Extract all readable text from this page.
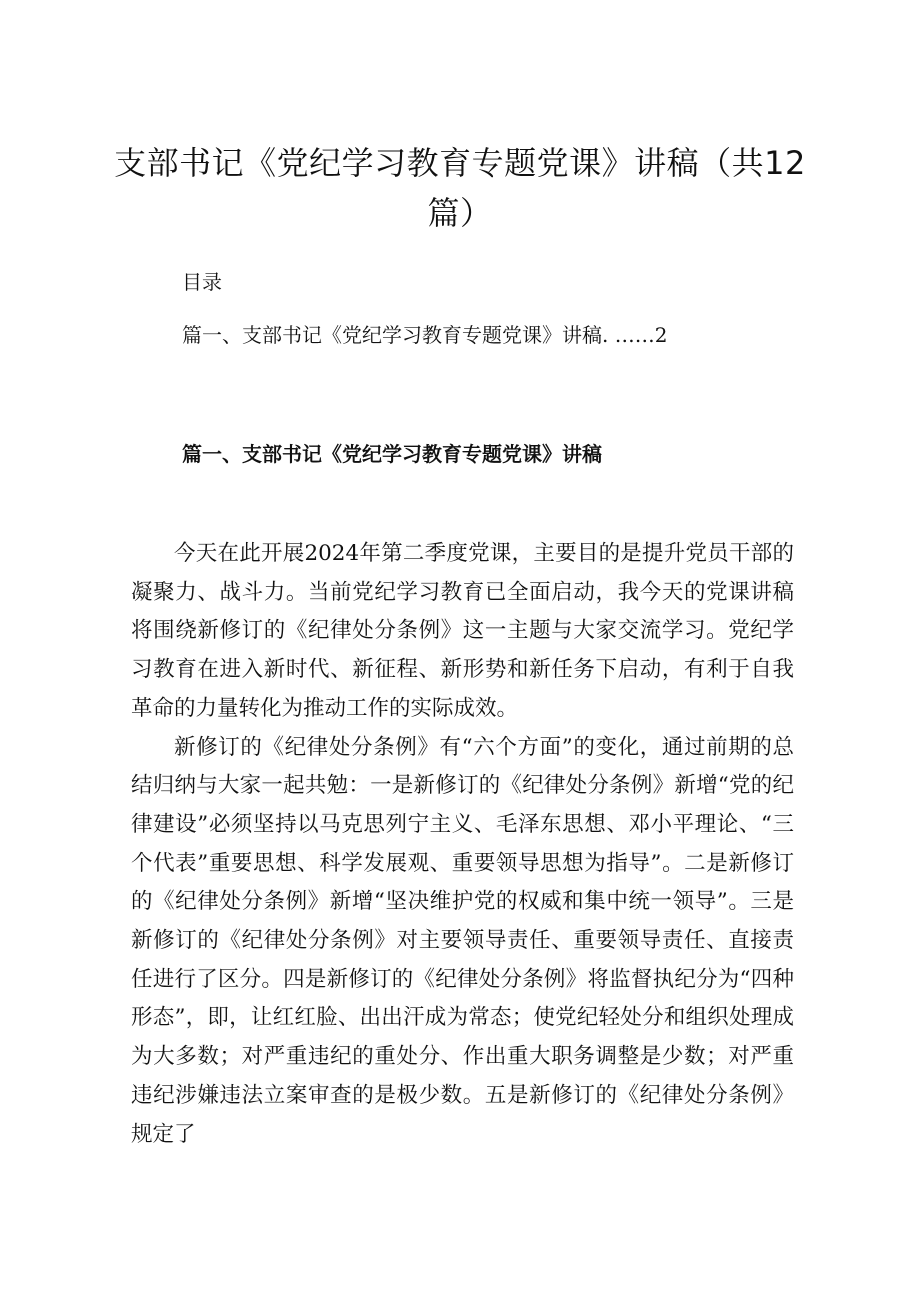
支部书记《党纪学习教育专题党课》讲稿（共12篇）
目录
篇一、支部书记《党纪学习教育专题党课》讲稿. ……2
篇一、支部书记《党纪学习教育专题党课》讲稿

今天在此开展2024年第二季度党课，主要目的是提升党员干部的凝聚力、战斗力。当前党纪学习教育已全面启动，我今天的党课讲稿将围绕新修订的《纪律处分条例》这一主题与大家交流学习。党纪学习教育在进入新时代、新征程、新形势和新任务下启动，有利于自我革命的力量转化为推动工作的实际成效。

新修订的《纪律处分条例》有“六个方面”的变化，通过前期的总结归纳与大家一起共勉：一是新修订的《纪律处分条例》新增“党的纪律建设”必须坚持以马克思列宁主义、毛泽东思想、邓小平理论、“三个代表”重要思想、科学发展观、重要领导思想为指导”。二是新修订的《纪律处分条例》新增“坚决维护党的权威和集中统一领导”。三是新修订的《纪律处分条例》对主要领导责任、重要领导责任、直接责任进行了区分。四是新修订的《纪律处分条例》将监督执纪分为“四种形态”，即，让红红脸、出出汗成为常态；使党纪轻处分和组织处理成为大多数；对严重违纪的重处分、作出重大职务调整是少数；对严重违纪涉嫌违法立案审查的是极少数。五是新修订的《纪律处分条例》规定了
